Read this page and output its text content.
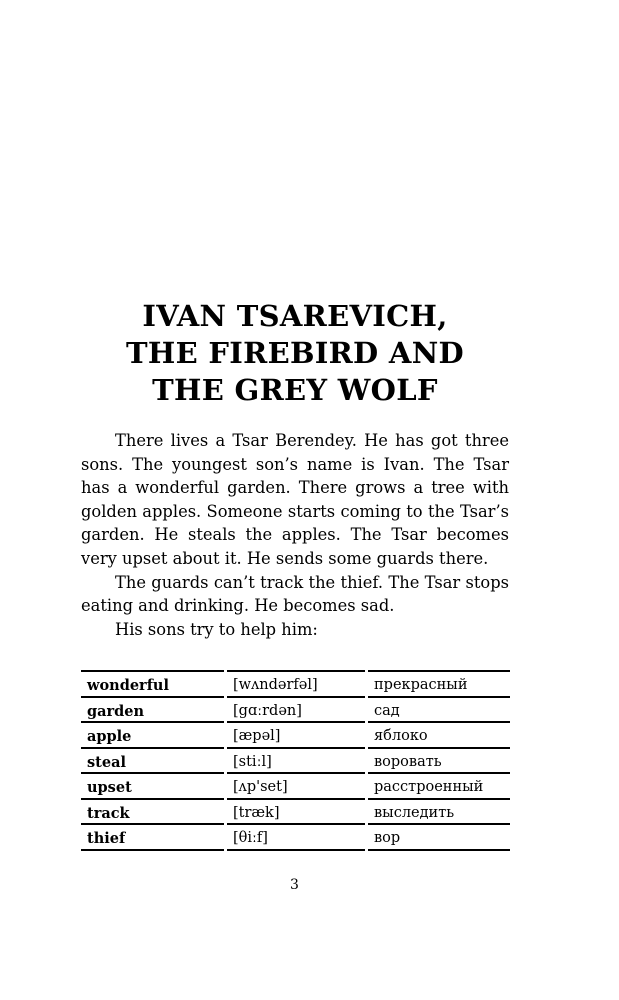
IVAN TSAREVICH,
THE FIREBIRD AND
THE GREY WOLF

There lives a Tsar Berendey. He has got three sons. The youngest son’s name is Ivan. The Tsar has a wonderful garden. There grows a tree with golden apples. Someone starts coming to the Tsar’s garden. He steals the apples. The Tsar becomes very upset about it. He sends some guards there.

The guards can’t track the thief. The Tsar stops eating and drinking. He becomes sad.

His sons try to help him:

wonderful	[wʌndərfəl]	прекрасный
garden	[gɑːrdən]	сад
apple	[æpəl]	яблоко
steal	[stiːl]	воровать
upset	[ʌp'set]	расстроенный
track	[træk]	выследить
thief	[θiːf]	вор
3
